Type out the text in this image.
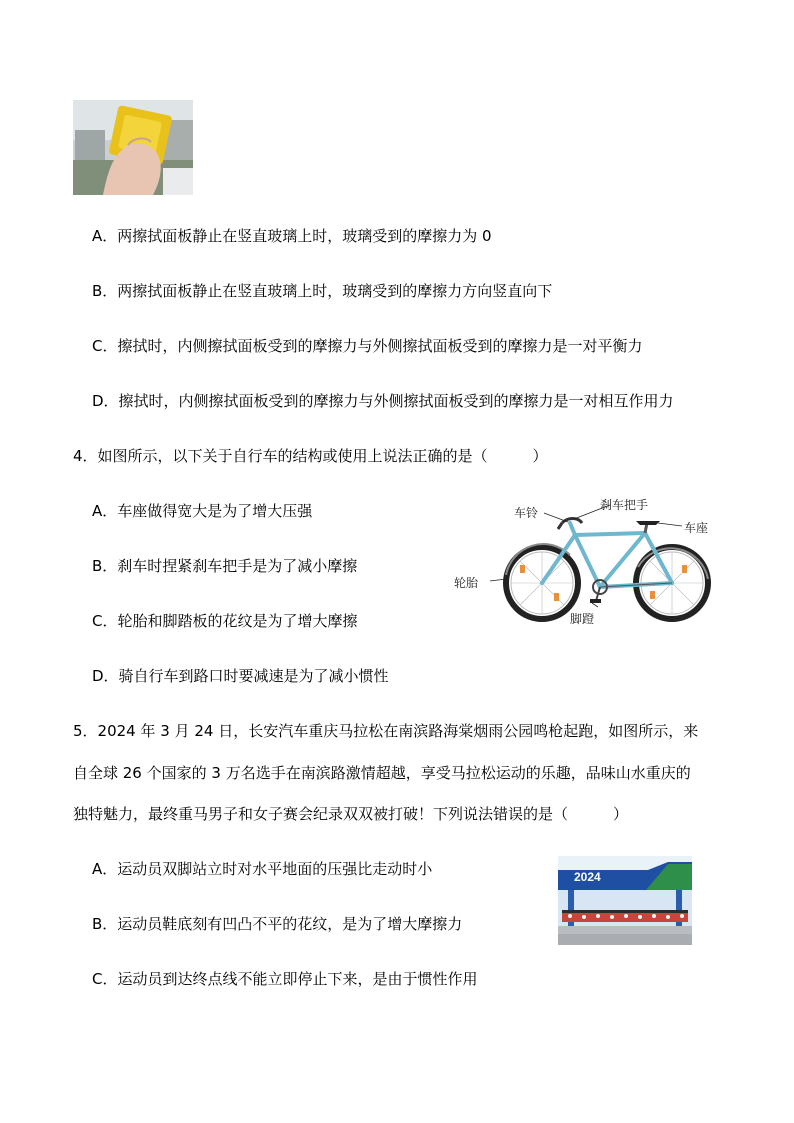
A．两擦拭面板静止在竖直玻璃上时，玻璃受到的摩擦力为 0
B．两擦拭面板静止在竖直玻璃上时，玻璃受到的摩擦力方向竖直向下
C．擦拭时，内侧擦拭面板受到的摩擦力与外侧擦拭面板受到的摩擦力是一对平衡力
D．擦拭时，内侧擦拭面板受到的摩擦力与外侧擦拭面板受到的摩擦力是一对相互作用力
4．如图所示，以下关于自行车的结构或使用上说法正确的是（　　　）
A．车座做得宽大是为了增大压强
B．刹车时捏紧刹车把手是为了减小摩擦
C．轮胎和脚踏板的花纹是为了增大摩擦
D．骑自行车到路口时要减速是为了减小惯性
车铃
刹车把手
车座
轮胎
脚蹬
5．2024 年 3 月 24 日，长安汽车重庆马拉松在南滨路海棠烟雨公园鸣枪起跑，如图所示，来
自全球 26 个国家的 3 万名选手在南滨路激情超越，享受马拉松运动的乐趣，品味山水重庆的
独特魅力，最终重马男子和女子赛会纪录双双被打破！下列说法错误的是（　　　）
A．运动员双脚站立时对水平地面的压强比走动时小
B．运动员鞋底刻有凹凸不平的花纹，是为了增大摩擦力
C．运动员到达终点线不能立即停止下来，是由于惯性作用
2024
